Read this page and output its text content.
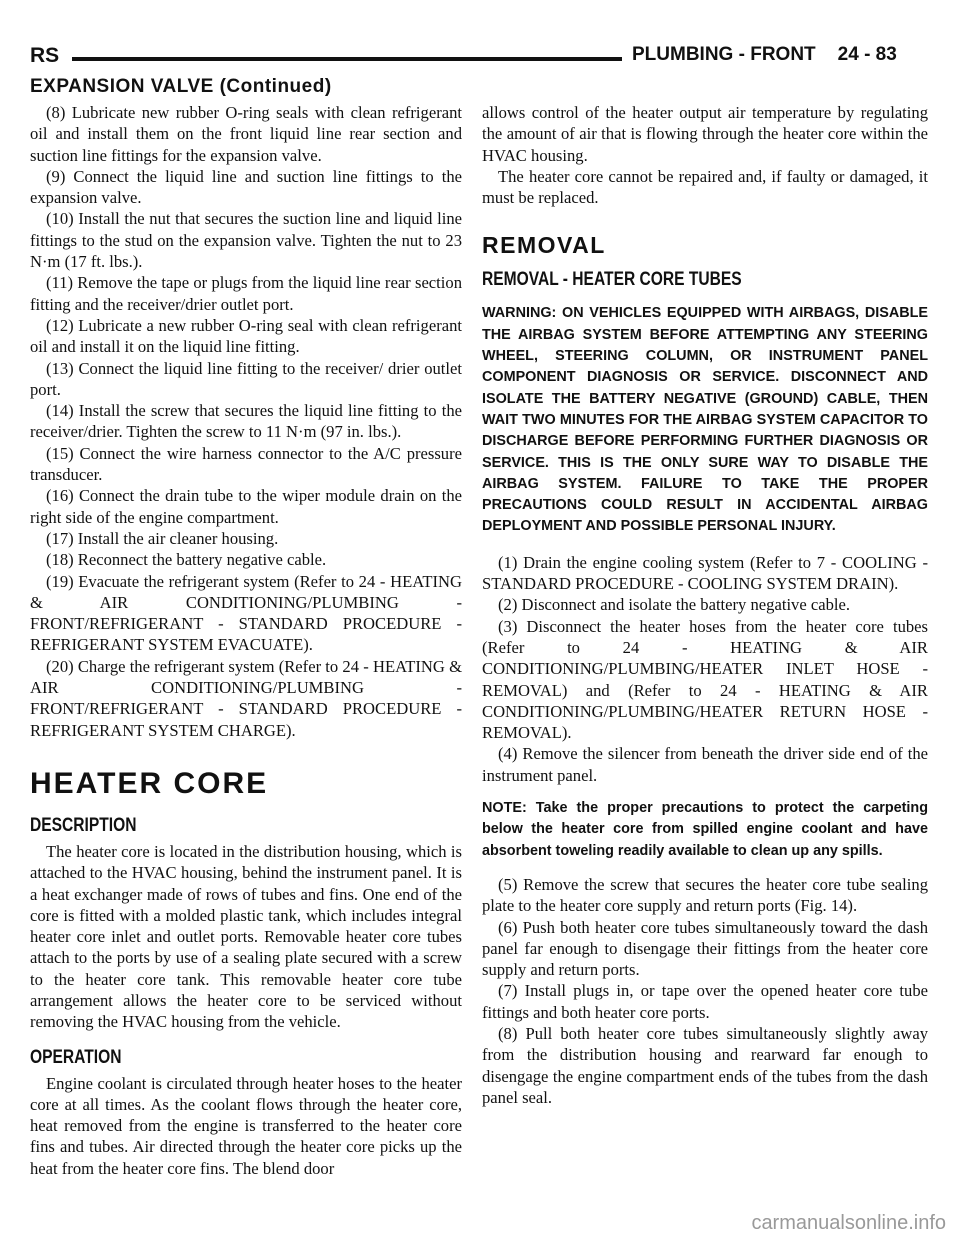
RS	PLUMBING - FRONT 24 - 83
EXPANSION VALVE (Continued)

(8) Lubricate new rubber O-ring seals with clean refrigerant oil and install them on the front liquid line rear section and suction line fittings for the expansion valve.

(9) Connect the liquid line and suction line fittings to the expansion valve.

(10) Install the nut that secures the suction line and liquid line fittings to the stud on the expansion valve. Tighten the nut to 23 N·m (17 ft. lbs.).

(11) Remove the tape or plugs from the liquid line rear section fitting and the receiver/drier outlet port.

(12) Lubricate a new rubber O-ring seal with clean refrigerant oil and install it on the liquid line fitting.

(13) Connect the liquid line fitting to the receiver/ drier outlet port.

(14) Install the screw that secures the liquid line fitting to the receiver/drier. Tighten the screw to 11 N·m (97 in. lbs.).

(15) Connect the wire harness connector to the A/C pressure transducer.

(16) Connect the drain tube to the wiper module drain on the right side of the engine compartment.

(17) Install the air cleaner housing.

(18) Reconnect the battery negative cable.

(19) Evacuate the refrigerant system (Refer to 24 - HEATING & AIR CONDITIONING/PLUMBING - FRONT/REFRIGERANT - STANDARD PROCEDURE - REFRIGERANT SYSTEM EVACUATE).

(20) Charge the refrigerant system (Refer to 24 - HEATING & AIR CONDITIONING/PLUMBING - FRONT/REFRIGERANT - STANDARD PROCEDURE - REFRIGERANT SYSTEM CHARGE).

HEATER CORE
DESCRIPTION

The heater core is located in the distribution housing, which is attached to the HVAC housing, behind the instrument panel. It is a heat exchanger made of rows of tubes and fins. One end of the core is fitted with a molded plastic tank, which includes integral heater core inlet and outlet ports. Removable heater core tubes attach to the ports by use of a sealing plate secured with a screw to the heater core tank. This removable heater core tube arrangement allows the heater core to be serviced without removing the HVAC housing from the vehicle.

OPERATION

Engine coolant is circulated through heater hoses to the heater core at all times. As the coolant flows through the heater core, heat removed from the engine is transferred to the heater core fins and tubes. Air directed through the heater core picks up the heat from the heater core fins. The blend door

allows control of the heater output air temperature by regulating the amount of air that is flowing through the heater core within the HVAC housing.

The heater core cannot be repaired and, if faulty or damaged, it must be replaced.

REMOVAL
REMOVAL - HEATER CORE TUBES
WARNING: ON VEHICLES EQUIPPED WITH AIRBAGS, DISABLE THE AIRBAG SYSTEM BEFORE ATTEMPTING ANY STEERING WHEEL, STEERING COLUMN, OR INSTRUMENT PANEL COMPONENT DIAGNOSIS OR SERVICE. DISCONNECT AND ISOLATE THE BATTERY NEGATIVE (GROUND) CABLE, THEN WAIT TWO MINUTES FOR THE AIRBAG SYSTEM CAPACITOR TO DISCHARGE BEFORE PERFORMING FURTHER DIAGNOSIS OR SERVICE. THIS IS THE ONLY SURE WAY TO DISABLE THE AIRBAG SYSTEM. FAILURE TO TAKE THE PROPER PRECAUTIONS COULD RESULT IN ACCIDENTAL AIRBAG DEPLOYMENT AND POSSIBLE PERSONAL INJURY.

(1) Drain the engine cooling system (Refer to 7 - COOLING - STANDARD PROCEDURE - COOLING SYSTEM DRAIN).

(2) Disconnect and isolate the battery negative cable.

(3) Disconnect the heater hoses from the heater core tubes (Refer to 24 - HEATING & AIR CONDITIONING/PLUMBING/HEATER INLET HOSE - REMOVAL) and (Refer to 24 - HEATING & AIR CONDITIONING/PLUMBING/HEATER RETURN HOSE - REMOVAL).

(4) Remove the silencer from beneath the driver side end of the instrument panel.

NOTE: Take the proper precautions to protect the carpeting below the heater core from spilled engine coolant and have absorbent toweling readily available to clean up any spills.

(5) Remove the screw that secures the heater core tube sealing plate to the heater core supply and return ports (Fig. 14).

(6) Push both heater core tubes simultaneously toward the dash panel far enough to disengage their fittings from the heater core supply and return ports.

(7) Install plugs in, or tape over the opened heater core tube fittings and both heater core ports.

(8) Pull both heater core tubes simultaneously slightly away from the distribution housing and rearward far enough to disengage the engine compartment ends of the tubes from the dash panel seal.

carmanualsonline.info
